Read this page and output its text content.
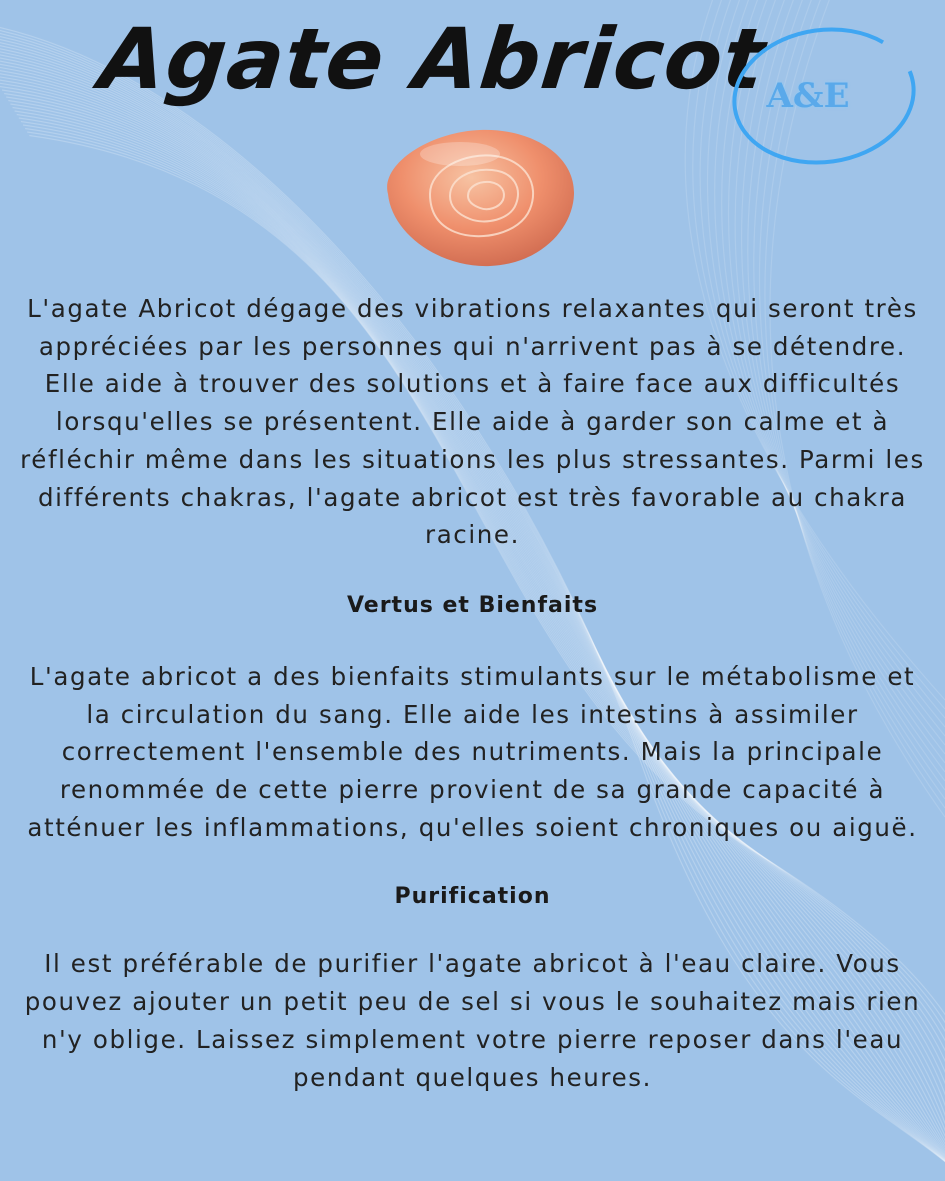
Agate Abricot
A&E

L'agate Abricot dégage des vibrations relaxantes qui seront très appréciées par les personnes qui n'arrivent pas à se détendre. Elle aide à trouver des solutions et à faire face aux difficultés lorsqu'elles se présentent. Elle aide à garder son calme et à réfléchir même dans les situations les plus stressantes. Parmi les différents chakras, l'agate abricot est très favorable au chakra racine.

Vertus et Bienfaits

L'agate abricot a des bienfaits stimulants sur le métabolisme et la circulation du sang. Elle aide les intestins à assimiler correctement l'ensemble des nutriments. Mais la principale renommée de cette pierre provient de sa grande capacité à atténuer les inflammations, qu'elles soient chroniques ou aiguë.

Purification

Il est préférable de purifier l'agate abricot à l'eau claire. Vous pouvez ajouter un petit peu de sel si vous le souhaitez mais rien n'y oblige. Laissez simplement votre pierre reposer dans l'eau pendant quelques heures.
